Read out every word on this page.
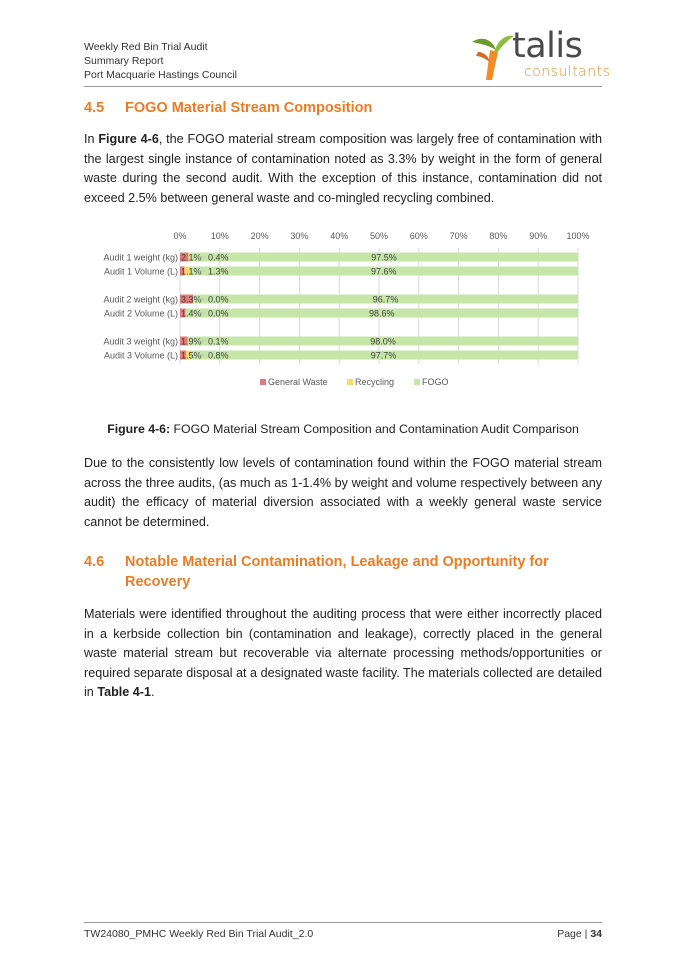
Weekly Red Bin Trial Audit
Summary Report
Port Macquarie Hastings Council
talis
consultants
4.5 FOGO Material Stream Composition
In Figure 4-6, the FOGO material stream composition was largely free of contamination with the largest single instance of contamination noted as 3.3% by weight in the form of general waste during the second audit. With the exception of this instance, contamination did not exceed 2.5% between general waste and co-mingled recycling combined.
0%	10% 20% 30% 40% 50% 60% 70% 80% 90% 100%
Audit 1 weight (kg) 2.1% 0.4%	97.5%
Audit 1 Volume (L) 1.1% 1.3%	97.6%
Audit 2 weight (kg) 3.3% 0.0%	96.7%
Audit 2 Volume (L) 1.4% 0.0%	98.6%
Audit 3 weight (kg) 1.9% 0.1%	98.0%
Audit 3 Volume (L) 1.5% 0.8%	97.7%
General Waste	Recycling	FOGO
Figure 4-6: FOGO Material Stream Composition and Contamination Audit Comparison
Due to the consistently low levels of contamination found within the FOGO material stream across the three audits, (as much as 1-1.4% by weight and volume respectively between any audit) the efficacy of material diversion associated with a weekly general waste service cannot be determined.
4.6 Notable Material Contamination, Leakage and Opportunity for
Recovery
Materials were identified throughout the auditing process that were either incorrectly placed in a kerbside collection bin (contamination and leakage), correctly placed in the general waste material stream but recoverable via alternate processing methods/opportunities or required separate disposal at a designated waste facility. The materials collected are detailed in Table 4-1.
TW24080_PMHC Weekly Red Bin Trial Audit_2.0	Page | 34
